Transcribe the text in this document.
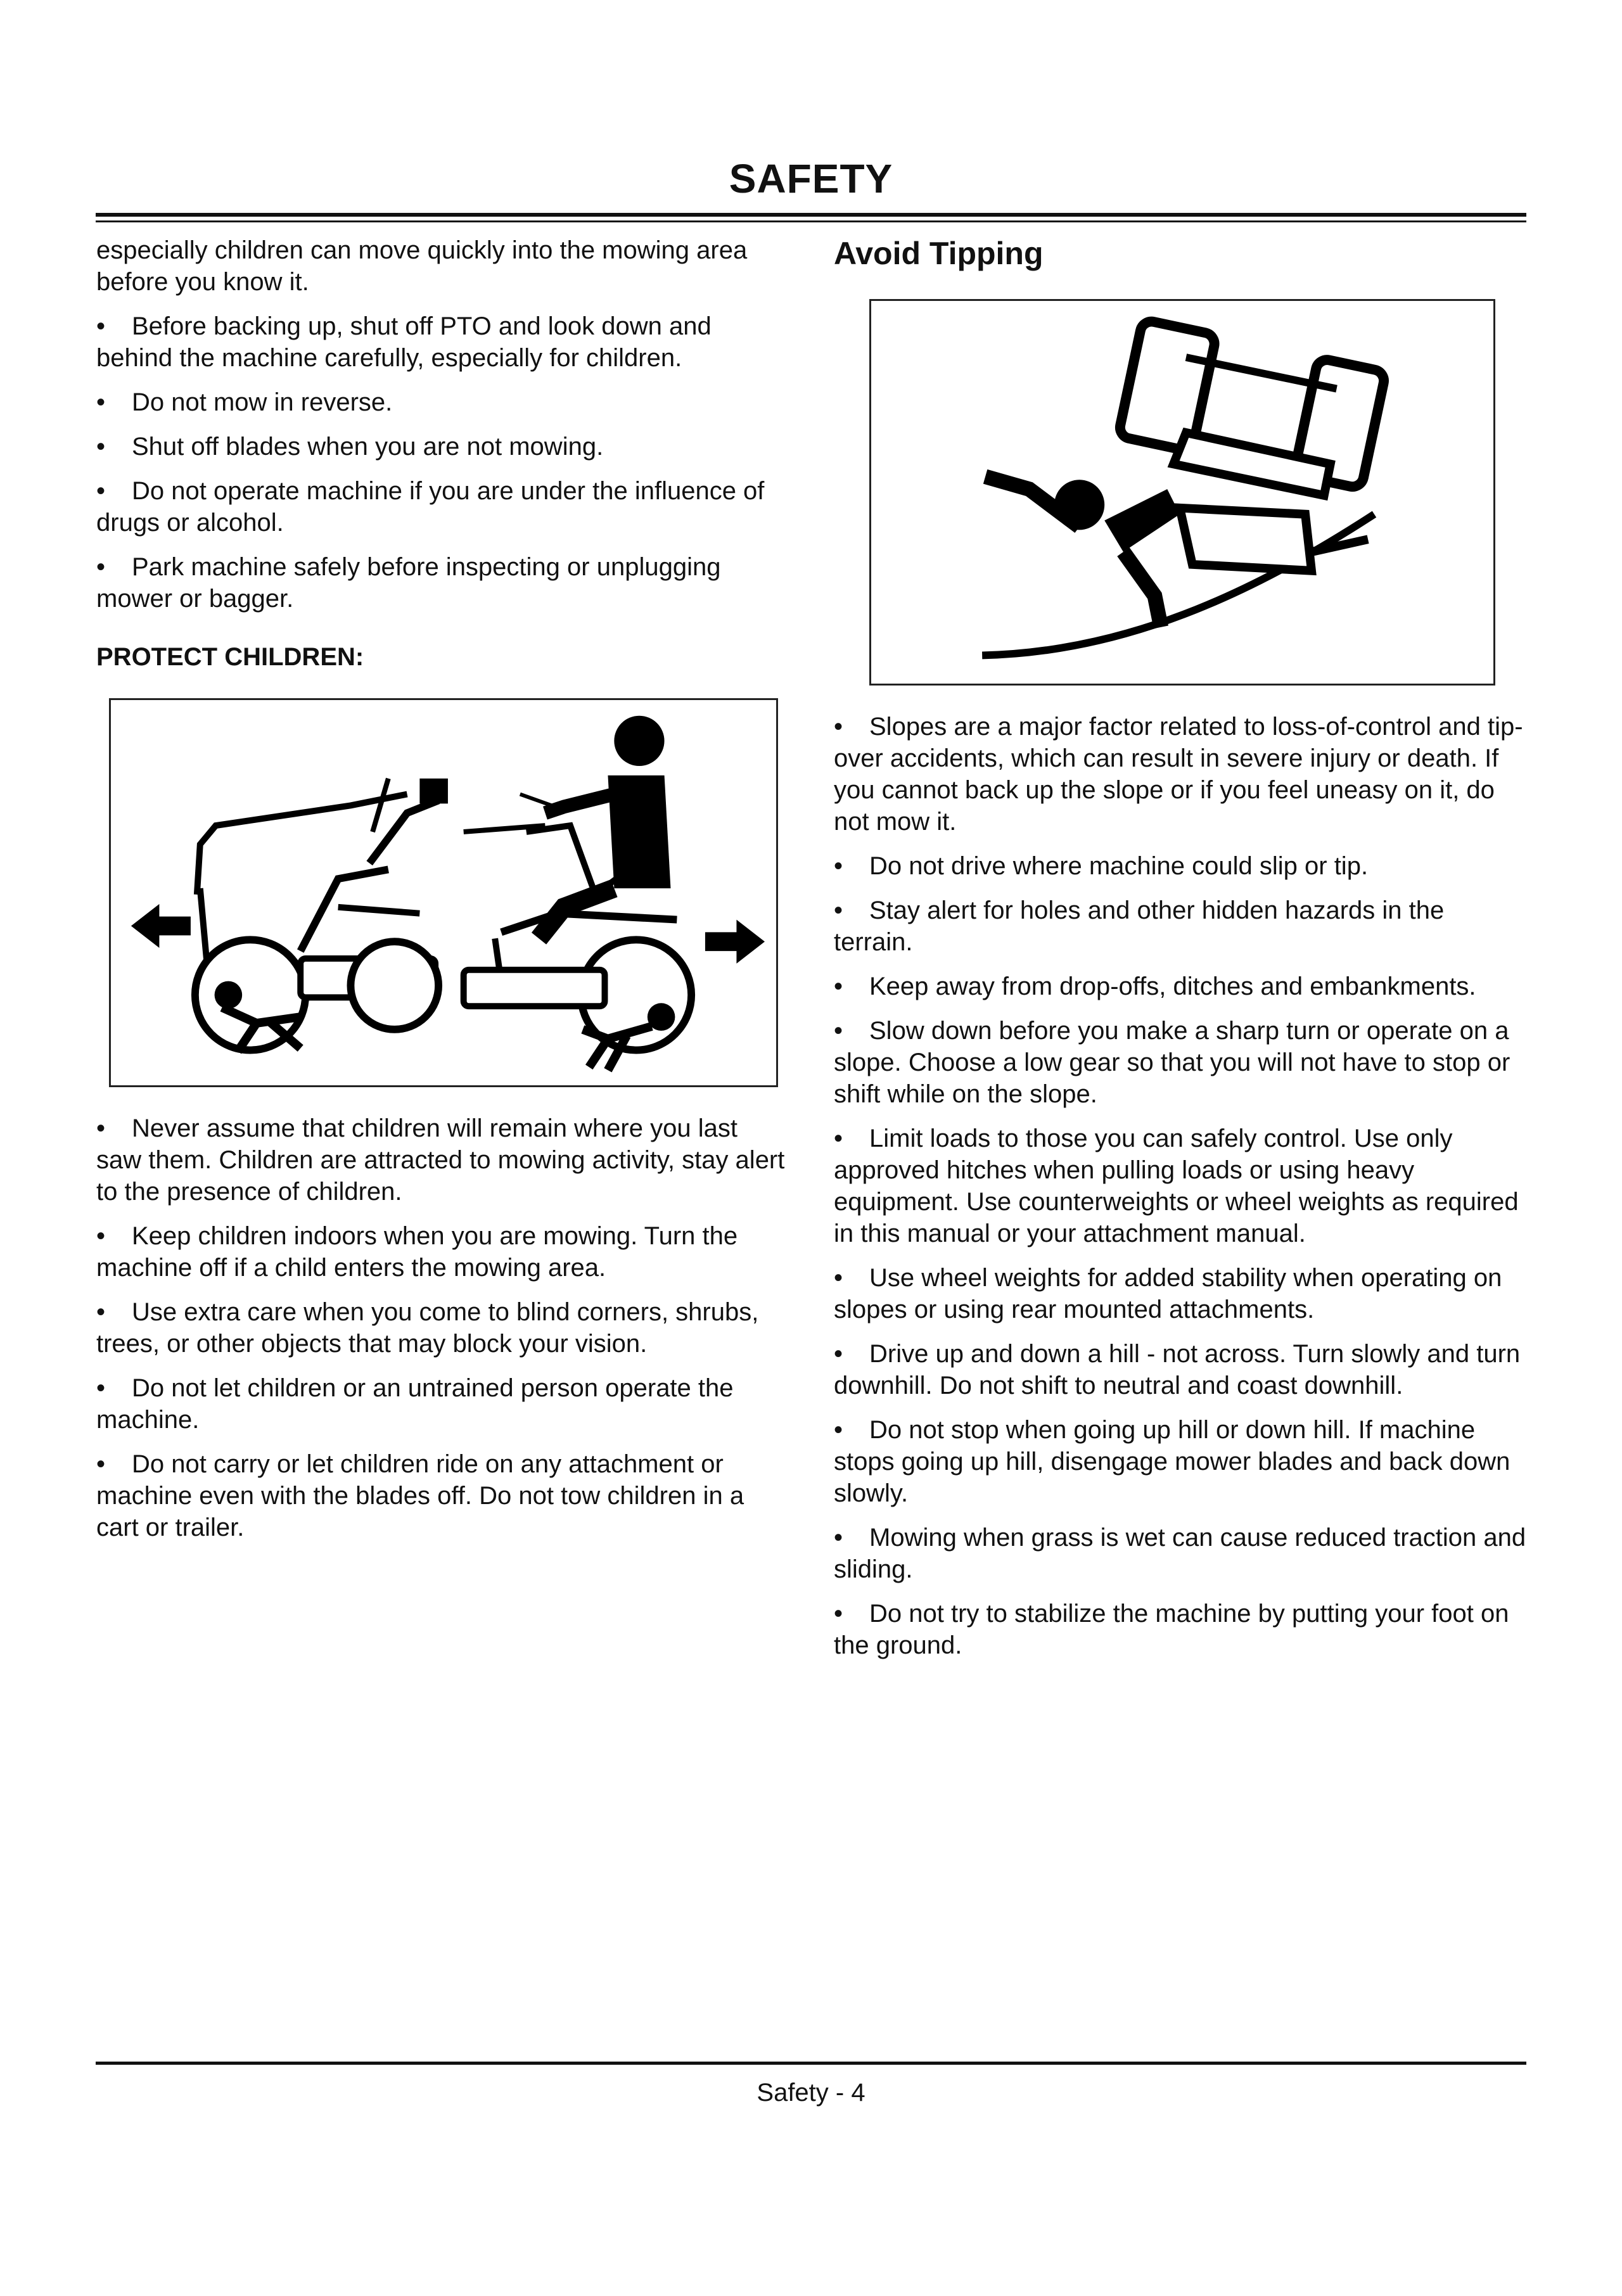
SAFETY

especially children can move quickly into the mowing area before you know it.

• Before backing up, shut off PTO and look down and behind the machine carefully, especially for children.

• Do not mow in reverse.

• Shut off blades when you are not mowing.

• Do not operate machine if you are under the influence of drugs or alcohol.

• Park machine safely before inspecting or unplugging mower or bagger.

PROTECT CHILDREN:

• Never assume that children will remain where you last saw them. Children are attracted to mowing activity, stay alert to the presence of children.

• Keep children indoors when you are mowing. Turn the machine off if a child enters the mowing area.

• Use extra care when you come to blind corners, shrubs, trees, or other objects that may block your vision.

• Do not let children or an untrained person operate the machine.

• Do not carry or let children ride on any attachment or machine even with the blades off. Do not tow children in a cart or trailer.

Avoid Tipping

• Slopes are a major factor related to loss-of-control and tip-over accidents, which can result in severe injury or death. If you cannot back up the slope or if you feel uneasy on it, do not mow it.

• Do not drive where machine could slip or tip.

• Stay alert for holes and other hidden hazards in the terrain.

• Keep away from drop-offs, ditches and embankments.

• Slow down before you make a sharp turn or operate on a slope. Choose a low gear so that you will not have to stop or shift while on the slope.

• Limit loads to those you can safely control. Use only approved hitches when pulling loads or using heavy equipment. Use counterweights or wheel weights as required in this manual or your attachment manual.

• Use wheel weights for added stability when operating on slopes or using rear mounted attachments.

• Drive up and down a hill - not across. Turn slowly and turn downhill. Do not shift to neutral and coast downhill.

• Do not stop when going up hill or down hill. If machine stops going up hill, disengage mower blades and back down slowly.

• Mowing when grass is wet can cause reduced traction and sliding.

• Do not try to stabilize the machine by putting your foot on the ground.

Safety - 4
